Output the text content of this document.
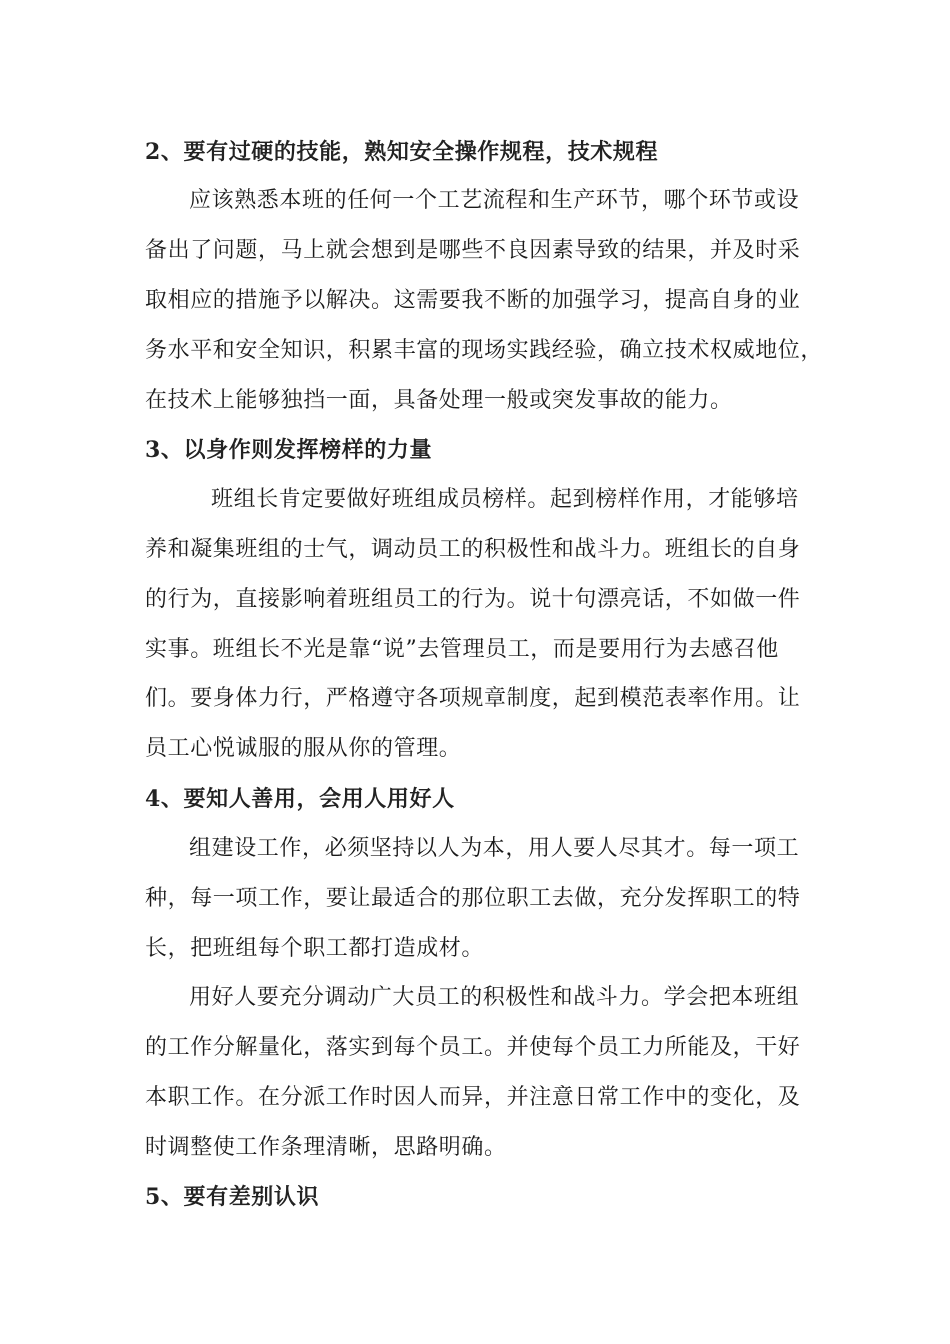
2、要有过硬的技能，熟知安全操作规程，技术规程
应该熟悉本班的任何一个工艺流程和生产环节，哪个环节或设
备出了问题，马上就会想到是哪些不良因素导致的结果，并及时采
取相应的措施予以解决。这需要我不断的加强学习，提高自身的业
务水平和安全知识，积累丰富的现场实践经验，确立技术权威地位，
在技术上能够独挡一面，具备处理一般或突发事故的能力。
3、以身作则发挥榜样的力量
班组长肯定要做好班组成员榜样。起到榜样作用，才能够培
养和凝集班组的士气，调动员工的积极性和战斗力。班组长的自身
的行为，直接影响着班组员工的行为。说十句漂亮话，不如做一件
实事。班组长不光是靠“说”去管理员工，而是要用行为去感召他
们。要身体力行，严格遵守各项规章制度，起到模范表率作用。让
员工心悦诚服的服从你的管理。
4、要知人善用，会用人用好人
组建设工作，必须坚持以人为本，用人要人尽其才。每一项工
种，每一项工作，要让最适合的那位职工去做，充分发挥职工的特
长，把班组每个职工都打造成材。
用好人要充分调动广大员工的积极性和战斗力。学会把本班组
的工作分解量化，落实到每个员工。并使每个员工力所能及，干好
本职工作。在分派工作时因人而异，并注意日常工作中的变化，及
时调整使工作条理清晰，思路明确。
5、要有差别认识
